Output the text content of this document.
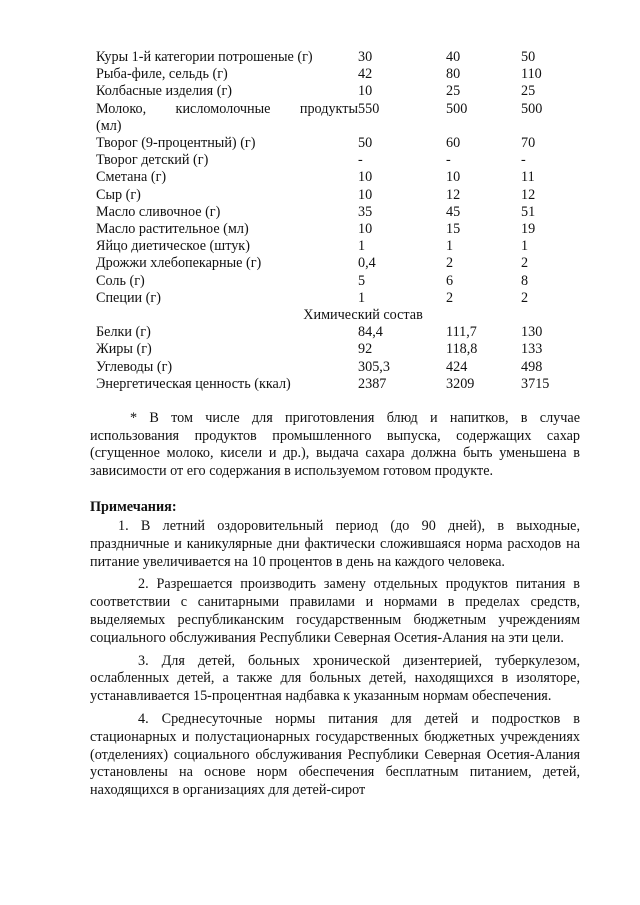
Куры 1-й категории потрошеные (г)	30	40	50
Рыба-филе, сельдь (г)	42	80	110
Колбасные изделия (г)	10	25	25

Молоко, кисломолочные продукты
(мл)	550	500	500
Творог (9-процентный) (г)	50	60	70
Творог детский (г)	-	-	-
Сметана (г)	10	10	11
Сыр (г)	10	12	12
Масло сливочное (г)	35	45	51
Масло растительное (мл)	10	15	19
Яйцо диетическое (штук)	1	1	1
Дрожжи хлебопекарные (г)	0,4	2	2
Соль (г)	5	6	8
Специи (г)	1	2	2
Химический состав			
Белки (г)	84,4	111,7	130
Жиры (г)	92	118,8	133
Углеводы (г)	305,3	424	498
Энергетическая ценность (ккал)	2387	3209	3715
* В том числе для приготовления блюд и напитков, в случае использования продуктов промышленного выпуска, содержащих сахар (сгущенное молоко, кисели и др.), выдача сахара должна быть уменьшена в зависимости от его содержания в используемом готовом продукте.
Примечания:

1. В летний оздоровительный период (до 90 дней), в выходные, праздничные и каникулярные дни фактически сложившаяся норма расходов на питание увеличивается на 10 процентов в день на каждого человека.

2. Разрешается производить замену отдельных продуктов питания в соответствии с санитарными правилами и нормами в пределах средств, выделяемых республиканским государственным бюджетным учреждениям социального обслуживания Республики Северная Осетия-Алания на эти цели.

3. Для детей, больных хронической дизентерией, туберкулезом, ослабленных детей, а также для больных детей, находящихся в изоляторе, устанавливается 15-процентная надбавка к указанным нормам обеспечения.

4. Среднесуточные нормы питания для детей и подростков в стационарных и полустационарных государственных бюджетных учреждениях (отделениях) социального обслуживания Республики Северная Осетия-Алания установлены на основе норм обеспечения бесплатным питанием, детей, находящихся в организациях для детей-сирот
